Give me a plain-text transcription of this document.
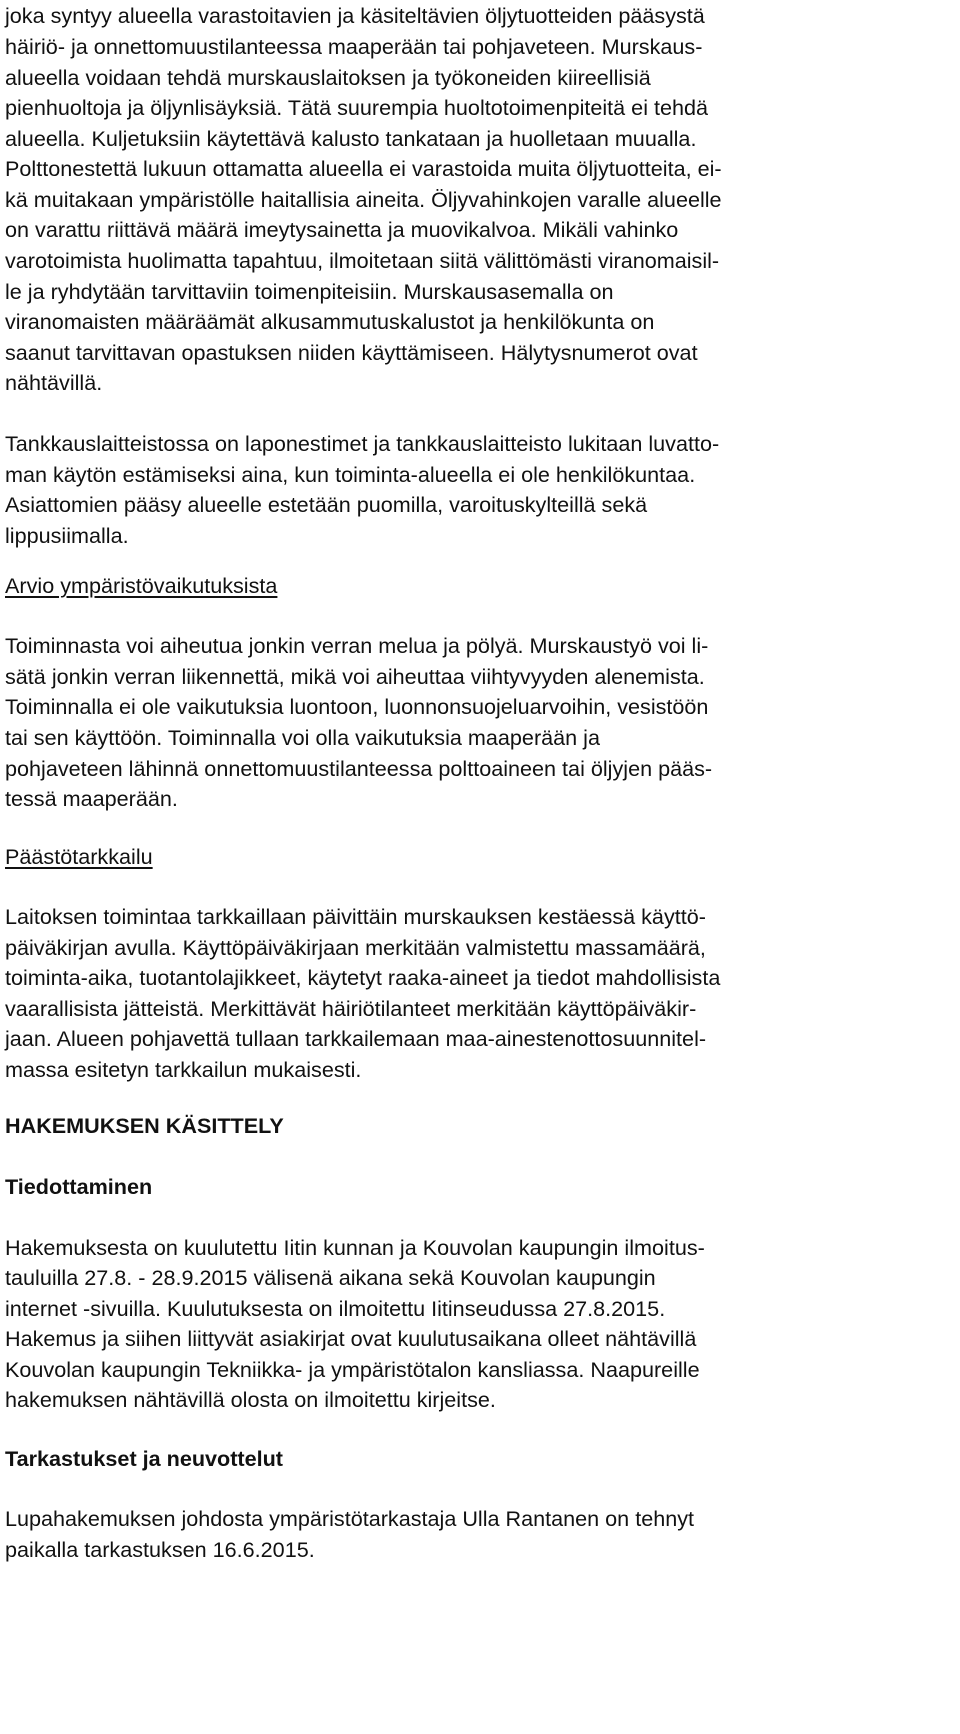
joka syntyy alueella varastoitavien ja käsiteltävien öljytuotteiden pääsystä

häiriö- ja onnettomuustilanteessa maaperään tai pohjaveteen. Murskaus-

alueella voidaan tehdä murskauslaitoksen ja työkoneiden kiireellisiä

pienhuoltoja ja öljynlisäyksiä. Tätä suurempia huoltotoimenpiteitä ei tehdä

alueella. Kuljetuksiin käytettävä kalusto tankataan ja huolletaan muualla.

Polttonestettä lukuun ottamatta alueella ei varastoida muita öljytuotteita, ei-

kä muitakaan ympäristölle haitallisia aineita. Öljyvahinkojen varalle alueelle

on varattu riittävä määrä imeytysainetta ja muovikalvoa. Mikäli vahinko

varotoimista huolimatta tapahtuu, ilmoitetaan siitä välittömästi viranomaisil-

le ja ryhdytään tarvittaviin toimenpiteisiin. Murskausasemalla on

viranomaisten määräämät alkusammutuskalustot ja henkilökunta on

saanut tarvittavan opastuksen niiden käyttämiseen. Hälytysnumerot ovat

nähtävillä.

Tankkauslaitteistossa on laponestimet ja tankkauslaitteisto lukitaan luvatto-

man käytön estämiseksi aina, kun toiminta-alueella ei ole henkilökuntaa.

Asiattomien pääsy alueelle estetään puomilla, varoituskylteillä sekä

lippusiimalla.

Arvio ympäristövaikutuksista

Toiminnasta voi aiheutua jonkin verran melua ja pölyä. Murskaustyö voi li-

sätä jonkin verran liikennettä, mikä voi aiheuttaa viihtyvyyden alenemista.

Toiminnalla ei ole vaikutuksia luontoon, luonnonsuojeluarvoihin, vesistöön

tai sen käyttöön. Toiminnalla voi olla vaikutuksia maaperään ja

pohjaveteen lähinnä onnettomuustilanteessa polttoaineen tai öljyjen pääs-

tessä maaperään.

Päästötarkkailu

Laitoksen toimintaa tarkkaillaan päivittäin murskauksen kestäessä käyttö-

päiväkirjan avulla. Käyttöpäiväkirjaan merkitään valmistettu massamäärä,

toiminta-aika, tuotantolajikkeet, käytetyt raaka-aineet ja tiedot mahdollisista

vaarallisista jätteistä. Merkittävät häiriötilanteet merkitään käyttöpäiväkir-

jaan. Alueen pohjavettä tullaan tarkkailemaan maa-ainestenottosuunnitel-

massa esitetyn tarkkailun mukaisesti.

HAKEMUKSEN KÄSITTELY

Tiedottaminen

Hakemuksesta on kuulutettu Iitin kunnan ja Kouvolan kaupungin ilmoitus-

tauluilla 27.8. - 28.9.2015 välisenä aikana sekä Kouvolan kaupungin

internet -sivuilla. Kuulutuksesta on ilmoitettu Iitinseudussa 27.8.2015.

Hakemus ja siihen liittyvät asiakirjat ovat kuulutusaikana olleet nähtävillä

Kouvolan kaupungin Tekniikka- ja ympäristötalon kansliassa. Naapureille

hakemuksen nähtävillä olosta on ilmoitettu kirjeitse.

Tarkastukset ja neuvottelut

Lupahakemuksen johdosta ympäristötarkastaja Ulla Rantanen on tehnyt

paikalla tarkastuksen 16.6.2015.
